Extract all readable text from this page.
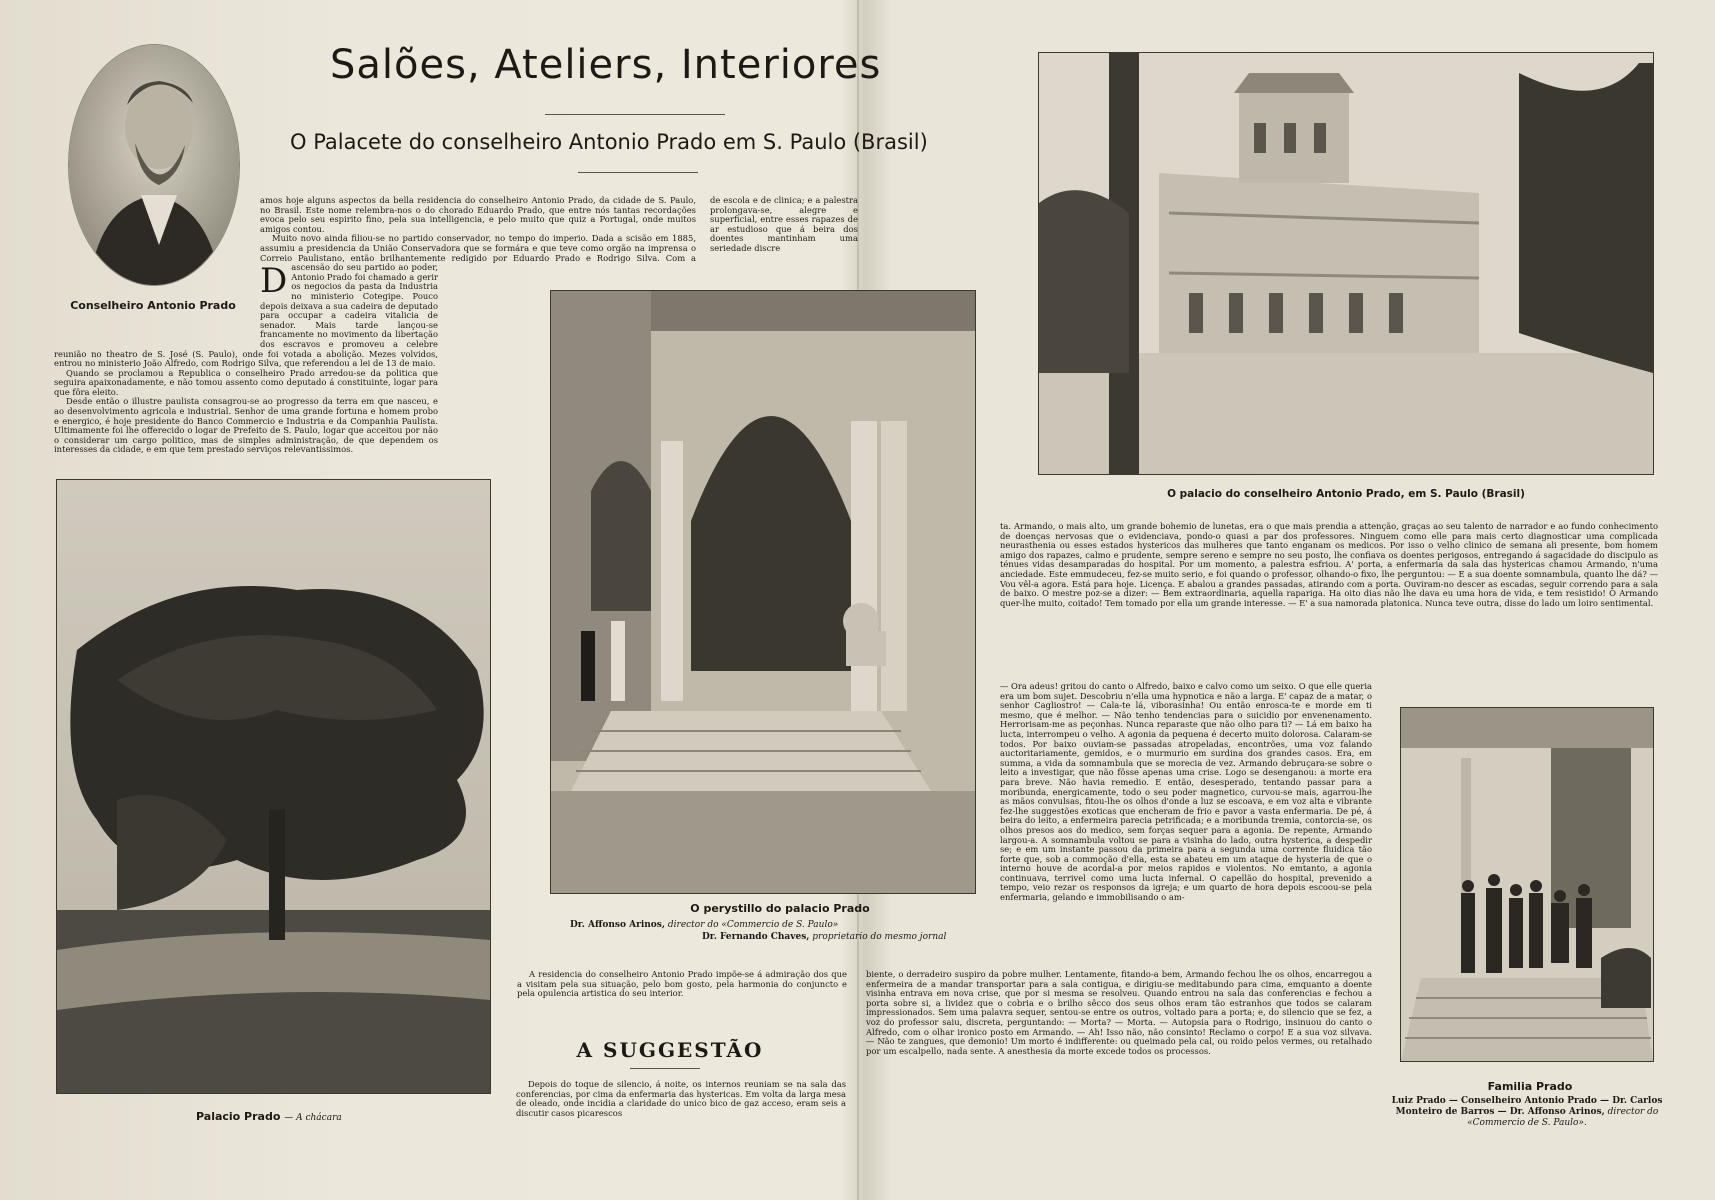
Conselheiro Antonio Prado
Salões, Ateliers, Interiores
O Palacete do conselheiro Antonio Prado em S. Paulo (Brasil)
de escola e de clinica; e a palestra prolongava-se, alegre e superficial, entre esses rapazes de ar estudioso que á beira dos doentes mantinham uma seriedade discre

D
amos hoje alguns aspectos da bella residencia do conselheiro Antonio Prado, da cidade de S. Paulo, no Brasil. Este nome relembra-nos o do chorado Eduardo Prado, que entre nós tantas recordações evoca pelo seu espirito fino, pela sua intelligencia, e pelo muito que quiz a Portugal, onde muitos amigos contou.

Muito novo ainda filiou-se no partido conservador, no tempo do imperio. Dada a scisão em 1885, assumiu a presidencia da União Conservadora que se formára e que teve como orgão na imprensa o Correio Paulistano, então brilhantemente redigido por Eduardo Prado e Rodrigo Silva. Com a ascensão do seu partido ao poder, Antonio Prado foi chamado a gerir os negocios da pasta da Industria no ministerio Cotegipe. Pouco depois deixava a sua cadeira de deputado para occupar a cadeira vitalicia de senador. Mais tarde lançou-se francamente no movimento da libertação dos escravos e promoveu a celebre reunião no theatro de S. José (S. Paulo), onde foi votada a abolição. Mezes volvidos, entrou no ministerio João Alfredo, com Rodrigo Silva, que referendou a lei de 13 de maio.

Quando se proclamou a Republica o conselheiro Prado arredou-se da politica que seguira apaixonadamente, e não tomou assento como deputado á constituinte, logar para que fôra eleito.

Desde então o illustre paulista consagrou-se ao progresso da terra em que nasceu, e ao desenvolvimento agricola e industrial. Senhor de uma grande fortuna e homem probo e energico, é hoje presidente do Banco Commercio e Industria e da Companhia Paulista. Ultimamente foi lhe offerecido o logar de Prefeito de S. Paulo, logar que acceitou por não o considerar um cargo politico, mas de simples administração, de que dependem os interesses da cidade, e em que tem prestado serviços relevantissimos.

Palacio Prado — A chácara
O perystillo do palacio Prado
Dr. Affonso Arinos, director do «Commercio de S. Paulo»
Dr. Fernando Chaves, proprietario do mesmo jornal

A residencia do conselheiro Antonio Prado impõe-se á admiração dos que a visitam pela sua situação, pelo bom gosto, pela harmonia do conjuncto e pela opulencia artistica do seu interior.

A SUGGESTÃO

Depois do toque de silencio, á noite, os internos reuniam se na sala das conferencias, por cima da enfermaria das hystericas. Em volta da larga mesa de oleado, onde incidia a claridade do unico bico de gaz acceso, eram seis a discutir casos picarescos

biente, o derradeiro suspiro da pobre mulher. Lentamente, fitando-a bem, Armando fechou lhe os olhos, encarregou a enfermeira de a mandar transportar para a sala contigua, e dirigiu-se meditabundo para cima, emquanto a doente visinha entrava em nova crise, que por si mesma se resolveu. Quando entrou na sala das conferencias e fechou a porta sobre si, a lividez que o cobria e o brilho sêcco dos seus olhos eram tão estranhos que todos se calaram impressionados. Sem uma palavra sequer, sentou-se entre os outros, voltado para a porta; e, do silencio que se fez, a voz do professor saiu, discreta, perguntando: — Morta? — Morta. — Autopsia para o Rodrigo, insinuou do canto o Alfredo, com o olhar ironico posto em Armando. — Ah! Isso não, não consinto! Reclamo o corpo! E a sua voz silvava. — Não te zangues, que demonio! Um morto é indifferente: ou queimado pela cal, ou roido pelos vermes, ou retalhado por um escalpello, nada sente. A anesthesia da morte excede todos os processos.

O palacio do conselheiro Antonio Prado, em S. Paulo (Brasil)

ta. Armando, o mais alto, um grande bohemio de lunetas, era o que mais prendia a attenção, graças ao seu talento de narrador e ao fundo conhecimento de doenças nervosas que o evidenciava, pondo-o quasi a par dos professores. Ninguem como elle para mais certo diagnosticar uma complicada neurasthenia ou esses estados hystericos das mulheres que tanto enganam os medicos. Por isso o velho clinico de semana ali presente, bom homem amigo dos rapazes, calmo e prudente, sempre sereno e sempre no seu posto, lhe confiava os doentes perigosos, entregando á sagacidade do discipulo as ténues vidas desamparadas do hospital. Por um momento, a palestra esfriou. A' porta, a enfermaria da sala das hystericas chamou Armando, n'uma anciedade. Este emmudeceu, fez-se muito serio, e foi quando o professor, olhando-o fixo, lhe perguntou: — E a sua doente somnambula, quanto lhe dá? — Vou vêl-a agora. Está para hoje. Licença. E abalou a grandes passadas, atirando com a porta. Ouviram-no descer as escadas, seguir correndo para a sala de baixo. O mestre poz-se a dizer: — Bem extraordinaria, aquella rapariga. Ha oito dias não lhe dava eu uma hora de vida, e tem resistido! O Armando quer-lhe muito, coitado! Tem tomado por ella um grande interesse. — E' a sua namorada platonica. Nunca teve outra, disse do lado um loiro sentimental.

— Ora adeus! gritou do canto o Alfredo, baixo e calvo como um seixo. O que elle queria era um bom sujet. Descobriu n'ella uma hypnotica e não a larga. E' capaz de a matar, o senhor Cagliostro! — Cala-te lá, viborasinha! Ou então enrosca-te e morde em ti mesmo, que é melhor. — Não tenho tendencias para o suicidio por envenenamento. Herrorisam-me as peçonhas. Nunca reparaste que não olho para ti? — Lá em baixo ha lucta, interrompeu o velho. A agonia da pequena é decerto muito dolorosa. Calaram-se todos. Por baixo ouviam-se passadas atropeladas, encontrões, uma voz falando auctoritariamente, gemidos, e o murmurio em surdina dos grandes casos. Era, em summa, a vida da somnambula que se morecia de vez. Armando debruçara-se sobre o leito a investigar, que não fôsse apenas uma crise. Logo se desenganou: a morte era para breve. Não havia remedio. E então, desesperado, tentando passar para a moribunda, energicamente, todo o seu poder magnetico, curvou-se mais, agarrou-lhe as mãos convulsas, fitou-lhe os olhos d'onde a luz se escoava, e em voz alta e vibrante fez-lhe suggestões exoticas que encheram de frio e pavor a vasta enfermaria. De pé, á beira do leito, a enfermeira parecia petrificada; e a moribunda tremia, contorcia-se, os olhos presos aos do medico, sem forças sequer para a agonia. De repente, Armando largou-a. A somnambula voltou se para a visinha do lado, outra hysterica, a despedir se; e em um instante passou da primeira para a segunda uma corrente fluidica tão forte que, sob a commoção d'ella, esta se abateu em um ataque de hysteria de que o interno houve de acordal-a por meios rapidos e violentos. No emtanto, a agonia continuava, terrivel como uma lucta infernal. O capellão do hospital, prevenido a tempo, veio rezar os responsos da igreja; e um quarto de hora depois escoou-se pela enfermaria, gelando e immobilisando o am-

Familia Prado
Luiz Prado — Conselheiro Antonio Prado — Dr. Carlos Monteiro de Barros — Dr. Affonso Arinos, director do «Commercio de S. Paulo».
